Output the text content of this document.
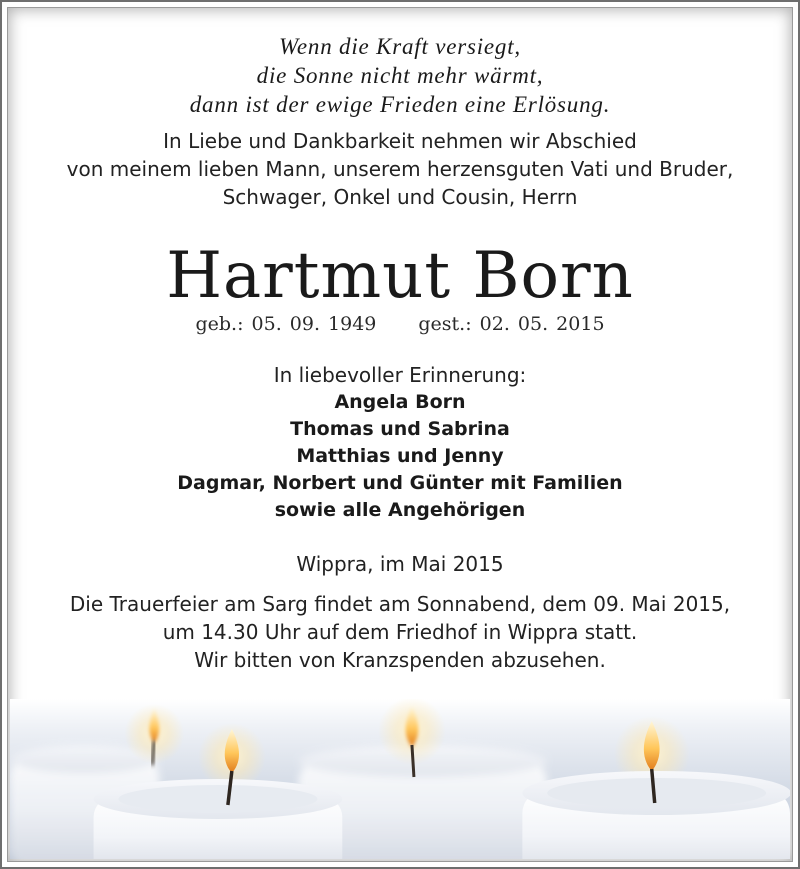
Wenn die Kraft versiegt,
die Sonne nicht mehr wärmt,
dann ist der ewige Frieden eine Erlösung.
In Liebe und Dankbarkeit nehmen wir Abschied
von meinem lieben Mann, unserem herzensguten Vati und Bruder,
Schwager, Onkel und Cousin, Herrn
Hartmut Born
geb.: 05. 09. 1949 gest.: 02. 05. 2015
In liebevoller Erinnerung:
Angela Born
Thomas und Sabrina
Matthias und Jenny
Dagmar, Norbert und Günter mit Familien
sowie alle Angehörigen
Wippra, im Mai 2015
Die Trauerfeier am Sarg findet am Sonnabend, dem 09. Mai 2015,
um 14.30 Uhr auf dem Friedhof in Wippra statt.
Wir bitten von Kranzspenden abzusehen.
